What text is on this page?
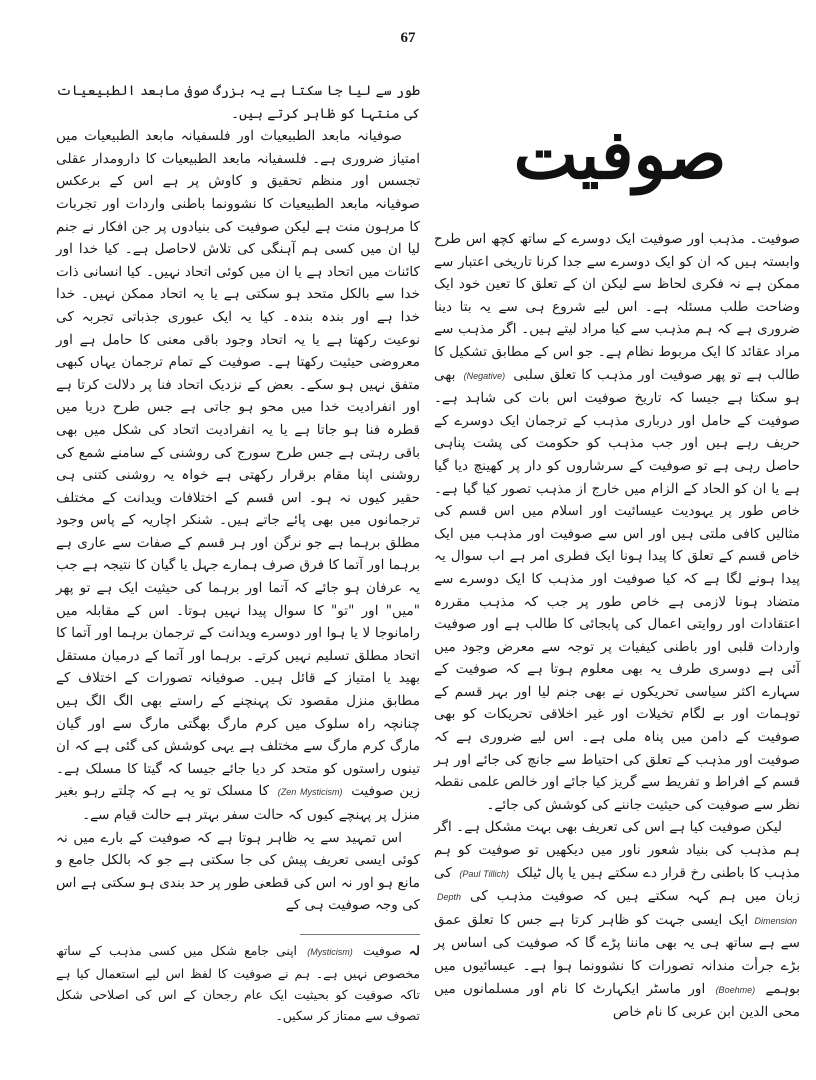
67
صوفیت

طور سے لیا جا سکتا ہے یہ بزرگ صوفی مابعد الطبیعیات کی منتہا کو ظاہر کرتے ہیں۔

صوفیانہ مابعد الطبیعیات اور فلسفیانہ مابعد الطبیعیات میں امتیاز ضروری ہے۔ فلسفیانہ مابعد الطبیعیات کا دارومدار عقلی تجسس اور منظم تحقیق و کاوش پر ہے اس کے برعکس صوفیانہ مابعد الطبیعیات کا نشوونما باطنی واردات اور تجربات کا مرہون منت ہے لیکن صوفیت کی بنیادوں پر جن افکار نے جنم لیا ان میں کسی ہم آہنگی کی تلاش لاحاصل ہے۔ کیا خدا اور کائنات میں اتحاد ہے یا ان میں کوئی اتحاد نہیں۔ کیا انسانی ذات خدا سے بالکل متحد ہو سکتی ہے یا یہ اتحاد ممکن نہیں۔ خدا خدا ہے اور بندہ بندہ۔ کیا یہ ایک عبوری جذباتی تجربہ کی نوعیت رکھتا ہے یا یہ اتحاد وجود باقی معنی کا حامل ہے اور معروضی حیثیت رکھتا ہے۔ صوفیت کے تمام ترجمان یہاں کبھی متفق نہیں ہو سکے۔ بعض کے نزدیک اتحاد فنا پر دلالت کرتا ہے اور انفرادیت خدا میں محو ہو جاتی ہے جس طرح دریا میں قطرہ فنا ہو جاتا ہے یا یہ انفرادیت اتحاد کی شکل میں بھی باقی رہتی ہے جس طرح سورج کی روشنی کے سامنے شمع کی روشنی اپنا مقام برقرار رکھتی ہے خواہ یہ روشنی کتنی ہی حقیر کیوں نہ ہو۔ اس قسم کے اختلافات ویدانت کے مختلف ترجمانوں میں بھی پائے جاتے ہیں۔ شنکر اچاریہ کے پاس وجود مطلق برہما ہے جو نرگن اور ہر قسم کے صفات سے عاری ہے برہما اور آتما کا فرق صرف ہمارے جہل یا گیان کا نتیجہ ہے جب یہ عرفان ہو جائے کہ آتما اور برہما کی حیثیت ایک ہے تو پھر "میں" اور "تو" کا سوال پیدا نہیں ہوتا۔ اس کے مقابلہ میں رامانوجا لا یا ہوا اور دوسرے ویدانت کے ترجمان برہما اور آتما کا اتحاد مطلق تسلیم نہیں کرتے۔ برہما اور آتما کے درمیان مستقل بھید یا امتیاز کے قائل ہیں۔ صوفیانہ تصورات کے اختلاف کے مطابق منزل مقصود تک پہنچنے کے راستے بھی الگ الگ ہیں چنانچہ راہ سلوک میں کرم مارگ بھگتی مارگ سے اور گیان مارگ کرم مارگ سے مختلف ہے یہی کوشش کی گئی ہے کہ ان تینوں راستوں کو متحد کر دیا جائے جیسا کہ گیتا کا مسلک ہے۔ زین صوفیت (Zen Mysticism) کا مسلک تو یہ ہے کہ چلتے رہو بغیر منزل پر پہنچے کیوں کہ حالت سفر بہتر ہے حالت قیام سے۔

اس تمہید سے یہ ظاہر ہوتا ہے کہ صوفیت کے بارے میں نہ کوئی ایسی تعریف پیش کی جا سکتی ہے جو کہ بالکل جامع و مانع ہو اور نہ اس کی قطعی طور پر حد بندی ہو سکتی ہے اس کی وجہ صوفیت ہی کے

صوفیت۔ مذہب اور صوفیت ایک دوسرے کے ساتھ کچھ اس طرح وابستہ ہیں کہ ان کو ایک دوسرے سے جدا کرنا تاریخی اعتبار سے ممکن ہے نہ فکری لحاظ سے لیکن ان کے تعلق کا تعین خود ایک وضاحت طلب مسئلہ ہے۔ اس لیے شروع ہی سے یہ بتا دینا ضروری ہے کہ ہم مذہب سے کیا مراد لیتے ہیں۔ اگر مذہب سے مراد عقائد کا ایک مربوط نظام ہے۔ جو اس کے مطابق تشکیل کا طالب ہے تو پھر صوفیت اور مذہب کا تعلق سلبی (Negative) بھی ہو سکتا ہے جیسا کہ تاریخ صوفیت اس بات کی شاہد ہے۔ صوفیت کے حامل اور درباری مذہب کے ترجمان ایک دوسرے کے حریف رہے ہیں اور جب مذہب کو حکومت کی پشت پناہی حاصل رہی ہے تو صوفیت کے سرشاروں کو دار پر کھینچ دیا گیا ہے یا ان کو الحاد کے الزام میں خارج از مذہب تصور کیا گیا ہے۔ خاص طور پر یہودیت عیسائیت اور اسلام میں اس قسم کی مثالیں کافی ملتی ہیں اور اس سے صوفیت اور مذہب میں ایک خاص قسم کے تعلق کا پیدا ہونا ایک فطری امر ہے اب سوال یہ پیدا ہونے لگا ہے کہ کیا صوفیت اور مذہب کا ایک دوسرے سے متضاد ہونا لازمی ہے خاص طور پر جب کہ مذہب مقررہ اعتقادات اور روایتی اعمال کی پابجائی کا طالب ہے اور صوفیت واردات قلبی اور باطنی کیفیات پر توجہ سے معرض وجود میں آئی ہے دوسری طرف یہ بھی معلوم ہوتا ہے کہ صوفیت کے سہارے اکثر سیاسی تحریکوں نے بھی جنم لیا اور بہر قسم کے توہمات اور بے لگام تخیلات اور غیر اخلاقی تحریکات کو بھی صوفیت کے دامن میں پناہ ملی ہے۔ اس لیے ضروری ہے کہ صوفیت اور مذہب کے تعلق کی احتیاط سے جانچ کی جائے اور ہر قسم کے افراط و تفریط سے گریز کیا جائے اور خالص علمی نقطہ نظر سے صوفیت کی حیثیت جاننے کی کوشش کی جائے۔

لیکن صوفیت کیا ہے اس کی تعریف بھی بہت مشکل ہے۔ اگر ہم مذہب کی بنیاد شعور ناور میں دیکھیں تو صوفیت کو ہم مذہب کا باطنی رخ قرار دے سکتے ہیں یا پال ٹیلک (Paul Tillich) کی زبان میں ہم کہہ سکتے ہیں کہ صوفیت مذہب کی Depth Dimension ایک ایسی جہت کو ظاہر کرتا ہے جس کا تعلق عمق سے ہے ساتھ ہی یہ بھی ماننا پڑے گا کہ صوفیت کی اساس پر بڑے جرأت مندانہ تصورات کا نشوونما ہوا ہے۔ عیسائیوں میں بوہمے (Boehme) اور ماسٹر ایکہارٹ کا نام اور مسلمانوں میں محی الدین ابن عربی کا نام خاص

لہ صوفیت (Mysticism) اپنی جامع شکل میں کسی مذہب کے ساتھ مخصوص نہیں ہے۔ ہم نے صوفیت کا لفظ اس لیے استعمال کیا ہے تاکہ صوفیت کو بحیثیت ایک عام رجحان کے اس کی اصلاحی شکل تصوف سے ممتاز کر سکیں۔
